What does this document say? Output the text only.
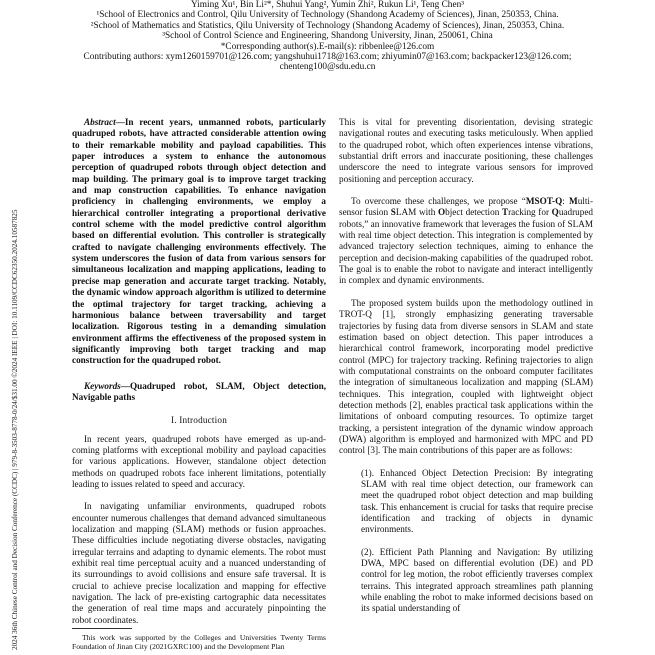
2024 36th Chinese Control and Decision Conference (CCDC) | 979-8-3503-8778-0/24/$31.00 ©2024 IEEE | DOI: 10.1109/CCDC62350.2024.10587825
Yiming Xu¹, Bin Li²*, Shuhui Yang², Yumin Zhi², Rukun Li¹, Teng Chen³
¹School of Electronics and Control, Qilu University of Technology (Shandong Academy of Sciences), Jinan, 250353, China.
²School of Mathematics and Statistics, Qilu University of Technology (Shandong Academy of Sciences), Jinan, 250353, China.
³School of Control Science and Engineering, Shandong University, Jinan, 250061, China
*Corresponding author(s).E-mail(s): ribbenlee@126.com
Contributing authors: xym1260159701@126.com; yangshuhui1718@163.com; zhiyumin07@163.com; backpacker123@126.com;
chenteng100@sdu.edu.cn

Abstract—In recent years, unmanned robots, particularly quadruped robots, have attracted considerable attention owing to their remarkable mobility and payload capabilities. This paper introduces a system to enhance the autonomous perception of quadruped robots through object detection and map building. The primary goal is to improve target tracking and map construction capabilities. To enhance navigation proficiency in challenging environments, we employ a hierarchical controller integrating a proportional derivative control scheme with the model predictive control algorithm based on differential evolution. This controller is strategically crafted to navigate challenging environments effectively. The system underscores the fusion of data from various sensors for simultaneous localization and mapping applications, leading to precise map generation and accurate target tracking. Notably, the dynamic window approach algorithm is utilized to determine the optimal trajectory for target tracking, achieving a harmonious balance between traversability and target localization. Rigorous testing in a demanding simulation environment affirms the effectiveness of the proposed system in significantly improving both target tracking and map construction for the quadruped robot.

Keywords—Quadruped robot, SLAM, Object detection, Navigable paths

I. Introduction

In recent years, quadruped robots have emerged as up-and-coming platforms with exceptional mobility and payload capacities for various applications. However, standalone object detection methods on quadruped robots face inherent limitations, potentially leading to issues related to speed and accuracy.

In navigating unfamiliar environments, quadruped robots encounter numerous challenges that demand advanced simultaneous localization and mapping (SLAM) methods or fusion approaches. These difficulties include negotiating diverse obstacles, navigating irregular terrains and adapting to dynamic elements. The robot must exhibit real time perceptual acuity and a nuanced understanding of its surroundings to avoid collisions and ensure safe traversal. It is crucial to achieve precise localization and mapping for effective navigation. The lack of pre-existing cartographic data necessitates the generation of real time maps and accurately pinpointing the robot coordinates.

This work was supported by the Colleges and Universities Twenty Terms Foundation of Jinan City (2021GXRC100) and the Development Plan

This is vital for preventing disorientation, devising strategic navigational routes and executing tasks meticulously. When applied to the quadruped robot, which often experiences intense vibrations, substantial drift errors and inaccurate positioning, these challenges underscore the need to integrate various sensors for improved positioning and perception accuracy.

To overcome these challenges, we propose “MSOT-Q: Multi-sensor fusion SLAM with Object detection Tracking for Quadruped robots,” an innovative framework that leverages the fusion of SLAM with real time object detection. This integration is complemented by advanced trajectory selection techniques, aiming to enhance the perception and decision-making capabilities of the quadruped robot. The goal is to enable the robot to navigate and interact intelligently in complex and dynamic environments.

The proposed system builds upon the methodology outlined in TROT-Q [1], strongly emphasizing generating traversable trajectories by fusing data from diverse sensors in SLAM and state estimation based on object detection. This paper introduces a hierarchical control framework, incorporating model predictive control (MPC) for trajectory tracking. Refining trajectories to align with computational constraints on the onboard computer facilitates the integration of simultaneous localization and mapping (SLAM) techniques. This integration, coupled with lightweight object detection methods [2], enables practical task applications within the limitations of onboard computing resources. To optimize target tracking, a persistent integration of the dynamic window approach (DWA) algorithm is employed and harmonized with MPC and PD control [3]. The main contributions of this paper are as follows:

(1). Enhanced Object Detection Precision: By integrating SLAM with real time object detection, our framework can meet the quadruped robot object detection and map building task. This enhancement is crucial for tasks that require precise identification and tracking of objects in dynamic environments.

(2). Efficient Path Planning and Navigation: By utilizing DWA, MPC based on differential evolution (DE) and PD control for leg motion, the robot efficiently traverses complex terrains. This integrated approach streamlines path planning while enabling the robot to make informed decisions based on its spatial understanding of
